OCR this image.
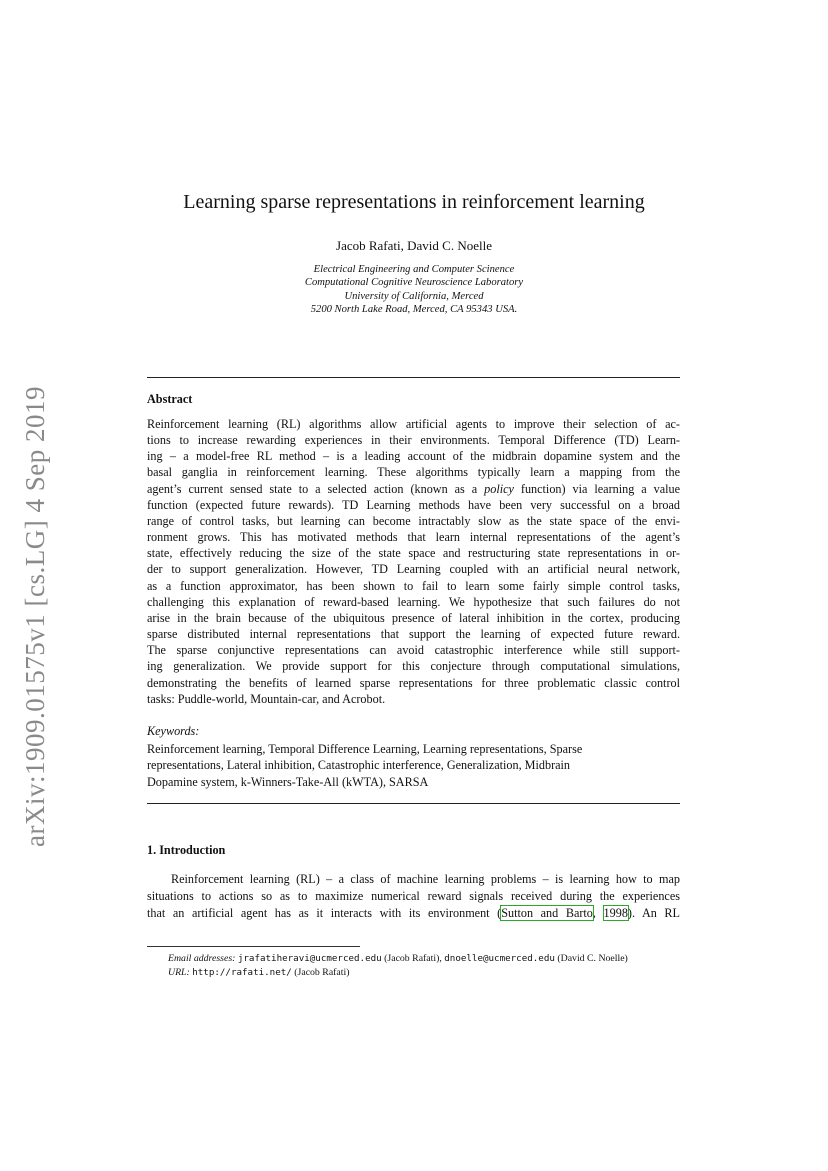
arXiv:1909.01575v1 [cs.LG] 4 Sep 2019
Learning sparse representations in reinforcement learning
Jacob Rafati, David C. Noelle
Electrical Engineering and Computer Scinence
Computational Cognitive Neuroscience Laboratory
University of California, Merced
5200 North Lake Road, Merced, CA 95343 USA.
Abstract
Reinforcement learning (RL) algorithms allow artificial agents to improve their selection of ac-
tions to increase rewarding experiences in their environments. Temporal Difference (TD) Learn-
ing – a model-free RL method – is a leading account of the midbrain dopamine system and the
basal ganglia in reinforcement learning. These algorithms typically learn a mapping from the
agent’s current sensed state to a selected action (known as a policy function) via learning a value
function (expected future rewards). TD Learning methods have been very successful on a broad
range of control tasks, but learning can become intractably slow as the state space of the envi-
ronment grows. This has motivated methods that learn internal representations of the agent’s
state, effectively reducing the size of the state space and restructuring state representations in or-
der to support generalization. However, TD Learning coupled with an artificial neural network,
as a function approximator, has been shown to fail to learn some fairly simple control tasks,
challenging this explanation of reward-based learning. We hypothesize that such failures do not
arise in the brain because of the ubiquitous presence of lateral inhibition in the cortex, producing
sparse distributed internal representations that support the learning of expected future reward.
The sparse conjunctive representations can avoid catastrophic interference while still support-
ing generalization. We provide support for this conjecture through computational simulations,
demonstrating the benefits of learned sparse representations for three problematic classic control
tasks: Puddle-world, Mountain-car, and Acrobot.
Keywords:
Reinforcement learning, Temporal Difference Learning, Learning representations, Sparse
representations, Lateral inhibition, Catastrophic interference, Generalization, Midbrain
Dopamine system, k-Winners-Take-All (kWTA), SARSA
1. Introduction
Reinforcement learning (RL) – a class of machine learning problems – is learning how to map
situations to actions so as to maximize numerical reward signals received during the experiences
that an artificial agent has as it interacts with its environment (Sutton and Barto, 1998). An RL
Email addresses: jrafatiheravi@ucmerced.edu (Jacob Rafati), dnoelle@ucmerced.edu (David C. Noelle)
URL: http://rafati.net/ (Jacob Rafati)
